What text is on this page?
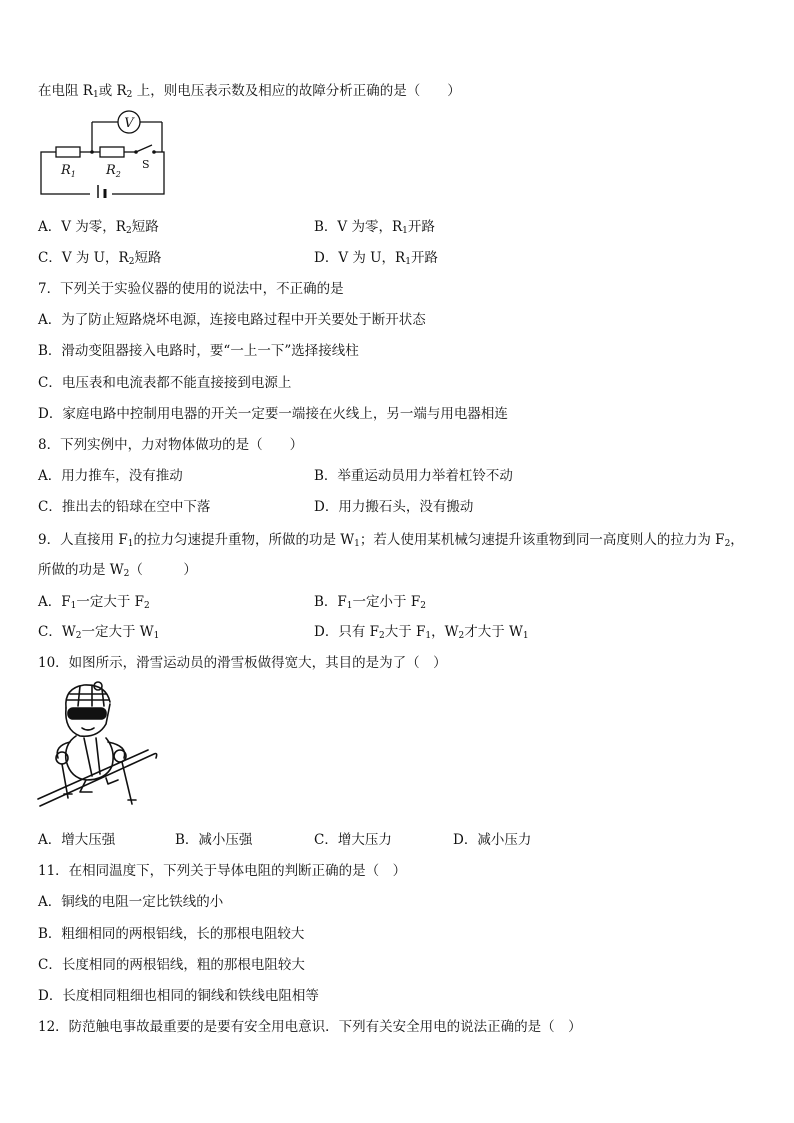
在电阻 $R_1$或 $R_2$ 上，则电压表示数及相应的故障分析正确的是（　　）
V
$R_1$ $R_2$
S
A．V 为零，$R_2$短路	B．V 为零，$R_1$开路
C．V 为 U，$R_2$短路	D．V 为 U，$R_1$开路
7．下列关于实验仪器的使用的说法中，不正确的是
A．为了防止短路烧坏电源，连接电路过程中开关要处于断开状态
B．滑动变阻器接入电路时，要“一上一下”选择接线柱
C．电压表和电流表都不能直接接到电源上
D．家庭电路中控制用电器的开关一定要一端接在火线上，另一端与用电器相连
8．下列实例中，力对物体做功的是（　　）
A．用力推车，没有推动	B．举重运动员用力举着杠铃不动
C．推出去的铅球在空中下落	D．用力搬石头，没有搬动
9．人直接用 $F_1$的拉力匀速提升重物，所做的功是 $W_1$；若人使用某机械匀速提升该重物到同一高度则人的拉力为 $F_2$，
所做的功是 $W_2$（　　　）
A．$F_1$一定大于 $F_2$	B．$F_1$一定小于 $F_2$
C．$W_2$一定大于 $W_1$	D．只有 $F_2$大于 $F_1$，$W_2$才大于 $W_1$
10．如图所示，滑雪运动员的滑雪板做得宽大，其目的是为了（　）
A．增大压强	B．减小压强	C．增大压力	D．减小压力
11．在相同温度下，下列关于导体电阻的判断正确的是（　）
A．铜线的电阻一定比铁线的小
B．粗细相同的两根铝线，长的那根电阻较大
C．长度相同的两根铝线，粗的那根电阻较大
D．长度相同粗细也相同的铜线和铁线电阻相等
12．防范触电事故最重要的是要有安全用电意识．下列有关安全用电的说法正确的是（　）
